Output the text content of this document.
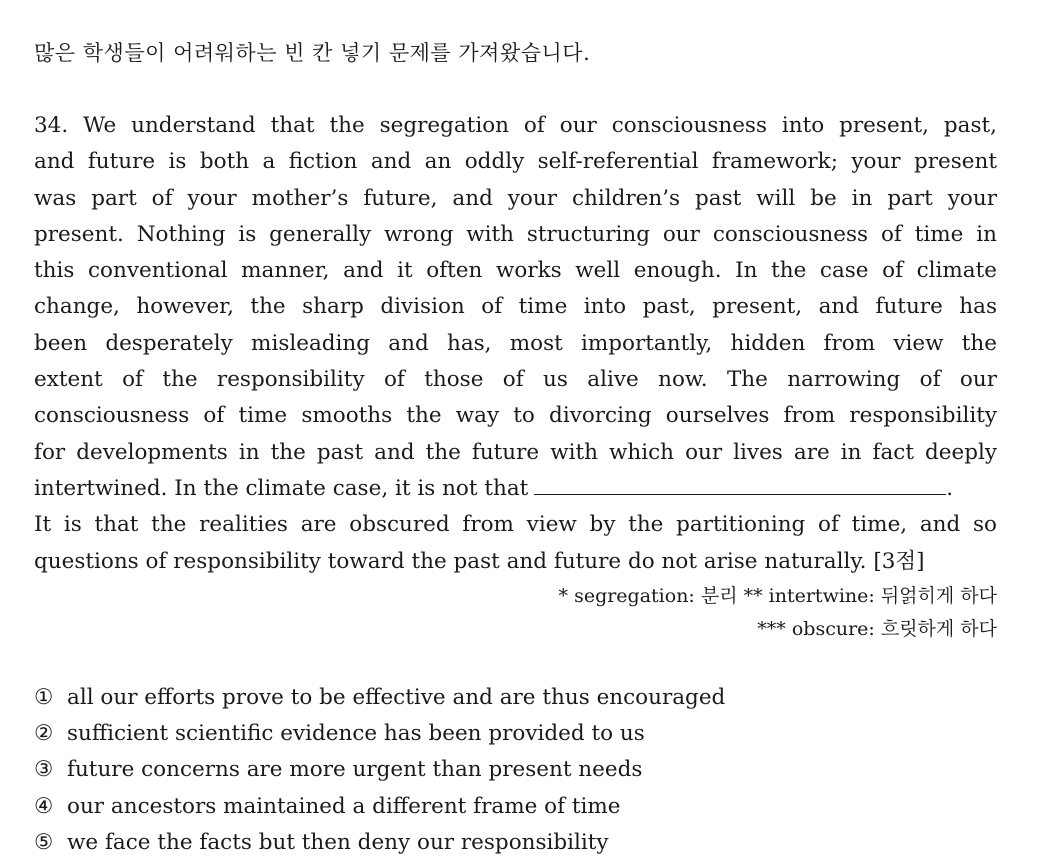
많은 학생들이 어려워하는 빈 칸 넣기 문제를 가져왔습니다.
34. We understand that the segregation of our consciousness into present, past,
and future is both a fiction and an oddly self-referential framework; your present
was part of your mother’s future, and your children’s past will be in part your
present. Nothing is generally wrong with structuring our consciousness of time in
this conventional manner, and it often works well enough. In the case of climate
change, however, the sharp division of time into past, present, and future has
been desperately misleading and has, most importantly, hidden from view the
extent of the responsibility of those of us alive now. The narrowing of our
consciousness of time smooths the way to divorcing ourselves from responsibility
for developments in the past and the future with which our lives are in fact deeply
intertwined. In the climate case, it is not that	.
It is that the realities are obscured from view by the partitioning of time, and so
questions of responsibility toward the past and future do not arise naturally. [3점]
* segregation: 분리 ** intertwine: 뒤얽히게 하다
*** obscure: 흐릿하게 하다
① all our efforts prove to be effective and are thus encouraged
② sufficient scientific evidence has been provided to us
③ future concerns are more urgent than present needs
④ our ancestors maintained a different frame of time
⑤ we face the facts but then deny our responsibility
